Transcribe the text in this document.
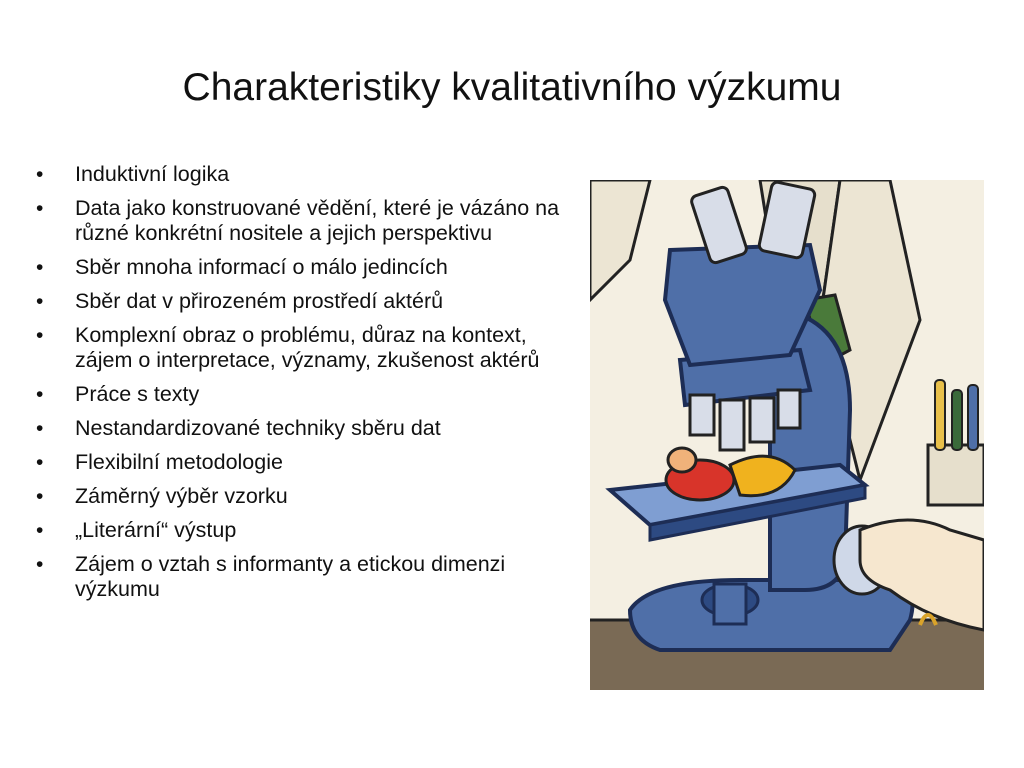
Charakteristiky kvalitativního výzkumu
• Induktivní logika
• Data jako konstruované vědění, které je vázáno na různé konkrétní nositele a jejich perspektivu
• Sběr mnoha informací o málo jedincích
• Sběr dat v přirozeném prostředí aktérů
• Komplexní obraz o problému, důraz na kontext, zájem o interpretace, významy, zkušenost aktérů
• Práce s texty
• Nestandardizované techniky sběru dat
• Flexibilní metodologie
• Záměrný výběr vzorku
• „Literární“ výstup
• Zájem o vztah s informanty a etickou dimenzi výzkumu
